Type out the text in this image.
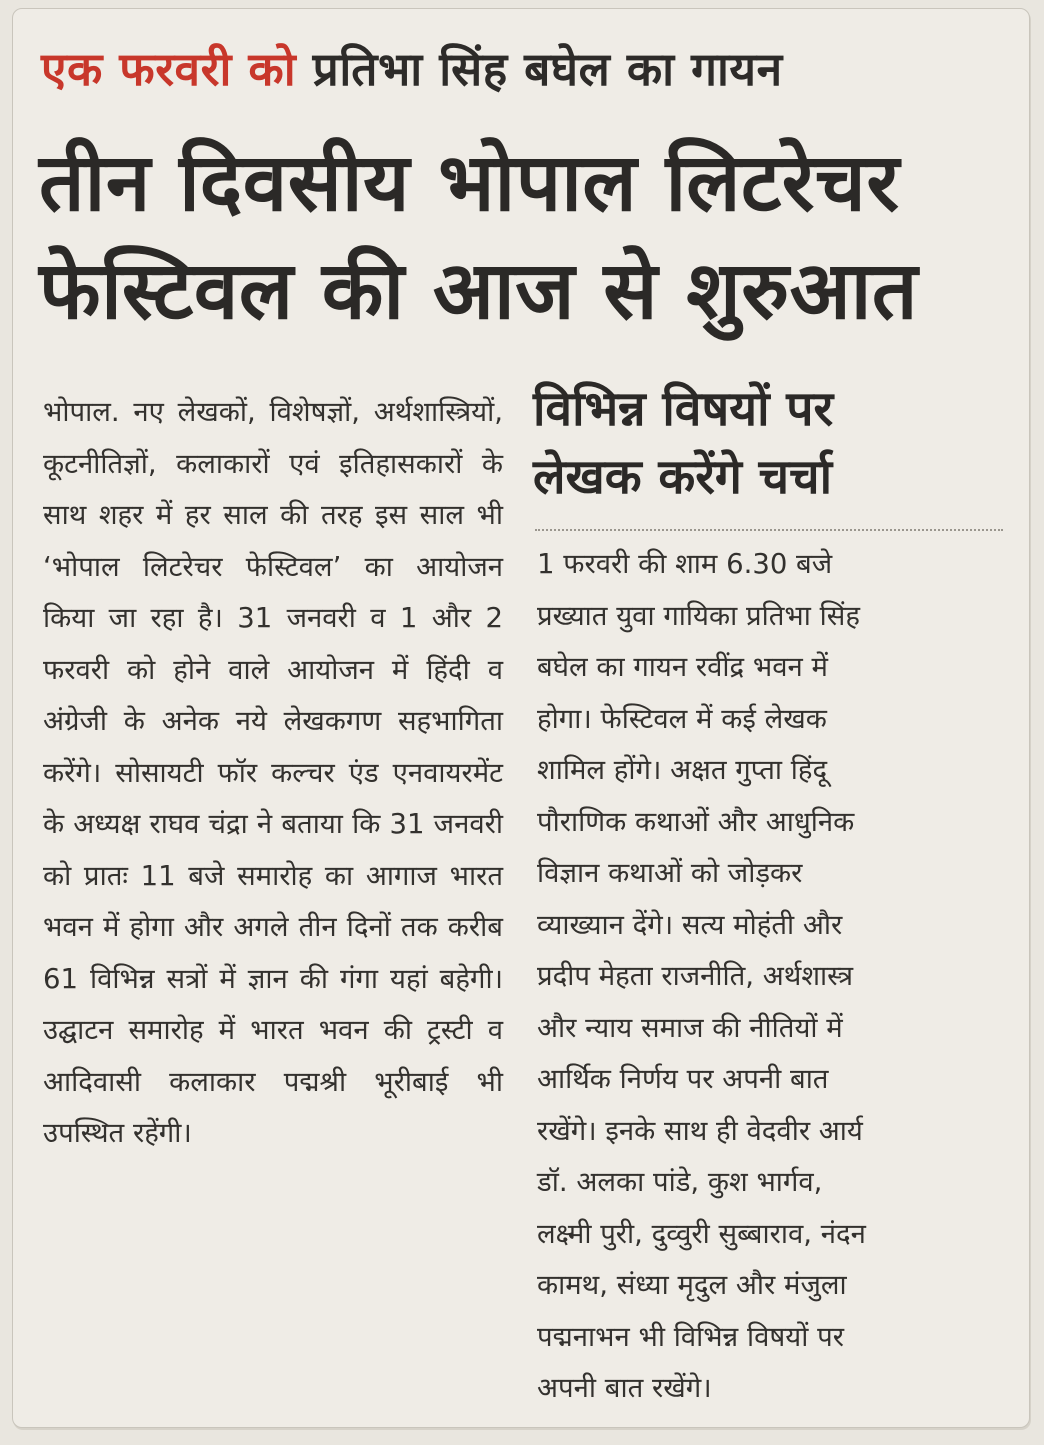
एक फरवरी को प्रतिभा सिंह बघेल का गायन
तीन दिवसीय भोपाल लिटरेचर
फेस्टिवल की आज से शुरुआत
भोपाल. नए लेखकों, विशेषज्ञों, अर्थशास्त्रियों, कूटनीतिज्ञों, कलाकारों एवं इतिहासकारों के साथ शहर में हर साल की तरह इस साल भी ‘भोपाल लिटरेचर फेस्टिवल’ का आयोजन किया जा रहा है। 31 जनवरी व 1 और 2 फरवरी को होने वाले आयोजन में हिंदी व अंग्रेजी के अनेक नये लेखकगण सहभागिता करेंगे। सोसायटी फॉर कल्चर एंड एनवायरमेंट के अध्यक्ष राघव चंद्रा ने बताया कि 31 जनवरी को प्रातः 11 बजे समारोह का आगाज भारत भवन में होगा और अगले तीन दिनों तक करीब 61 विभिन्न सत्रों में ज्ञान की गंगा यहां बहेगी। उद्घाटन समारोह में भारत भवन की ट्रस्टी व आदिवासी कलाकार पद्मश्री भूरीबाई भी उपस्थित रहेंगी।
विभिन्न विषयों पर
लेखक करेंगे चर्चा
1 फरवरी की शाम 6.30 बजे
प्रख्यात युवा गायिका प्रतिभा सिंह
बघेल का गायन रवींद्र भवन में
होगा। फेस्टिवल में कई लेखक
शामिल होंगे। अक्षत गुप्ता हिंदू
पौराणिक कथाओं और आधुनिक
विज्ञान कथाओं को जोड़कर
व्याख्यान देंगे। सत्य मोहंती और
प्रदीप मेहता राजनीति, अर्थशास्त्र
और न्याय समाज की नीतियों में
आर्थिक निर्णय पर अपनी बात
रखेंगे। इनके साथ ही वेदवीर आर्य
डॉ. अलका पांडे, कुश भार्गव,
लक्ष्मी पुरी, दुव्वुरी सुब्बाराव, नंदन
कामथ, संध्या मृदुल और मंजुला
पद्मनाभन भी विभिन्न विषयों पर
अपनी बात रखेंगे।
